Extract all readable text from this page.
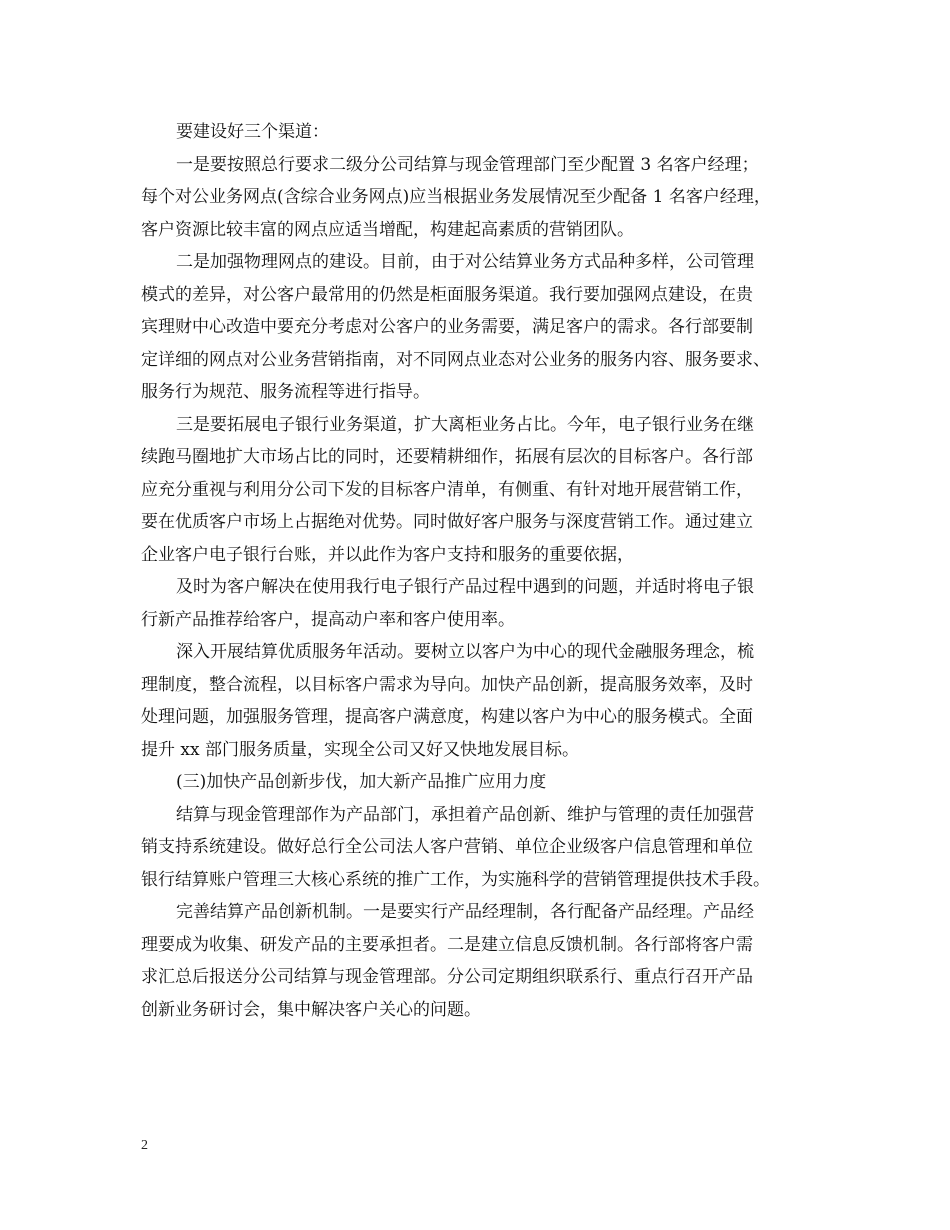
要建设好三个渠道：
一是要按照总行要求二级分公司结算与现金管理部门至少配置 3 名客户经理；
每个对公业务网点(含综合业务网点)应当根据业务发展情况至少配备 1 名客户经理，
客户资源比较丰富的网点应适当增配，构建起高素质的营销团队。
二是加强物理网点的建设。目前，由于对公结算业务方式品种多样，公司管理
模式的差异，对公客户最常用的仍然是柜面服务渠道。我行要加强网点建设，在贵
宾理财中心改造中要充分考虑对公客户的业务需要，满足客户的需求。各行部要制
定详细的网点对公业务营销指南，对不同网点业态对公业务的服务内容、服务要求、
服务行为规范、服务流程等进行指导。
三是要拓展电子银行业务渠道，扩大离柜业务占比。今年，电子银行业务在继
续跑马圈地扩大市场占比的同时，还要精耕细作，拓展有层次的目标客户。各行部
应充分重视与利用分公司下发的目标客户清单，有侧重、有针对地开展营销工作，
要在优质客户市场上占据绝对优势。同时做好客户服务与深度营销工作。通过建立
企业客户电子银行台账，并以此作为客户支持和服务的重要依据，
及时为客户解决在使用我行电子银行产品过程中遇到的问题，并适时将电子银
行新产品推荐给客户，提高动户率和客户使用率。
深入开展结算优质服务年活动。要树立以客户为中心的现代金融服务理念，梳
理制度，整合流程，以目标客户需求为导向。加快产品创新，提高服务效率，及时
处理问题，加强服务管理，提高客户满意度，构建以客户为中心的服务模式。全面
提升 xx 部门服务质量，实现全公司又好又快地发展目标。
(三)加快产品创新步伐，加大新产品推广应用力度
结算与现金管理部作为产品部门，承担着产品创新、维护与管理的责任加强营
销支持系统建设。做好总行全公司法人客户营销、单位企业级客户信息管理和单位
银行结算账户管理三大核心系统的推广工作，为实施科学的营销管理提供技术手段。
完善结算产品创新机制。一是要实行产品经理制，各行配备产品经理。产品经
理要成为收集、研发产品的主要承担者。二是建立信息反馈机制。各行部将客户需
求汇总后报送分公司结算与现金管理部。分公司定期组织联系行、重点行召开产品
创新业务研讨会，集中解决客户关心的问题。
2
